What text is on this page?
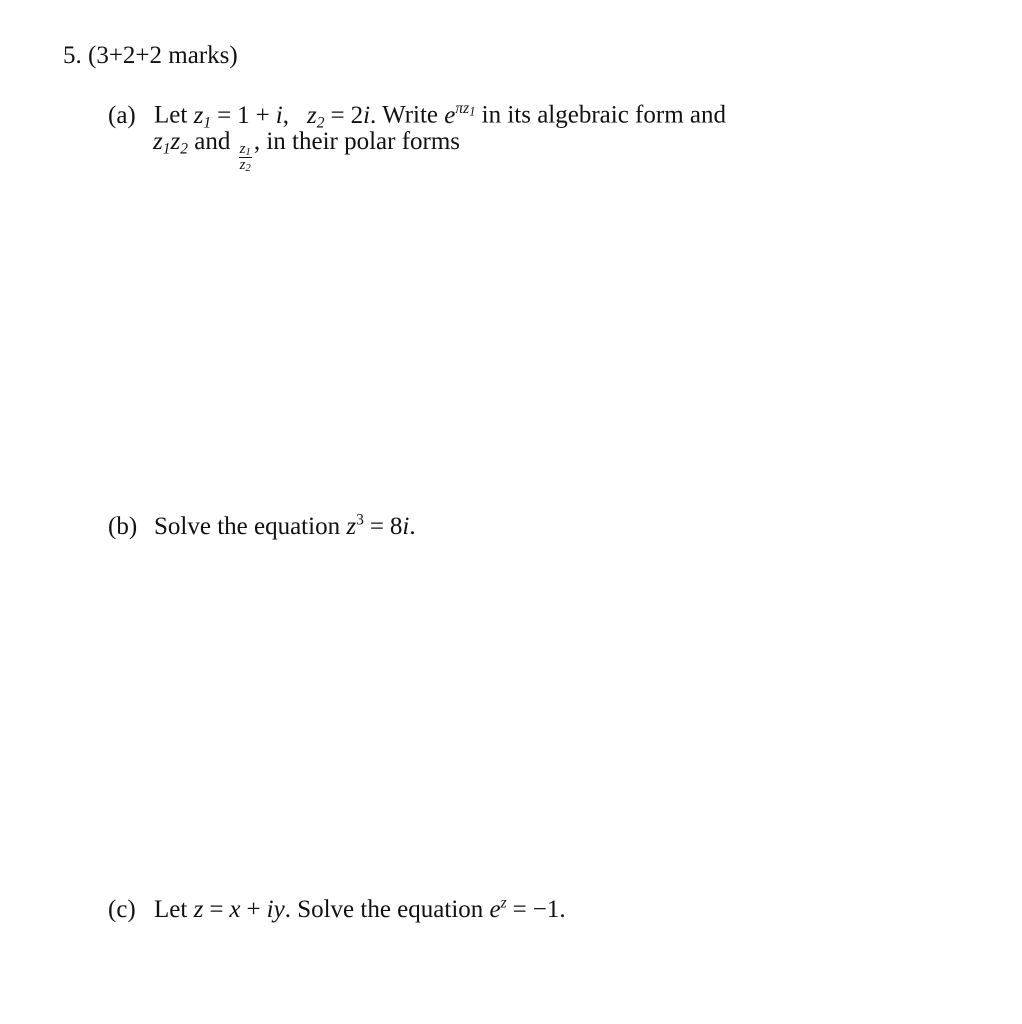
5. (3+2+2 marks)
(a) Let $z_1 = 1 + i$, $z_2 = 2i$. Write $e^{\pi z1}$ in its algebraic form and
$z_1z_2$ and
$\frac{z_1}{z_2}$
, in their polar forms
(b) Solve the equation $z^3 = 8i$.
(c) Let z = x + iy. Solve the equation $e^z = -1$.
